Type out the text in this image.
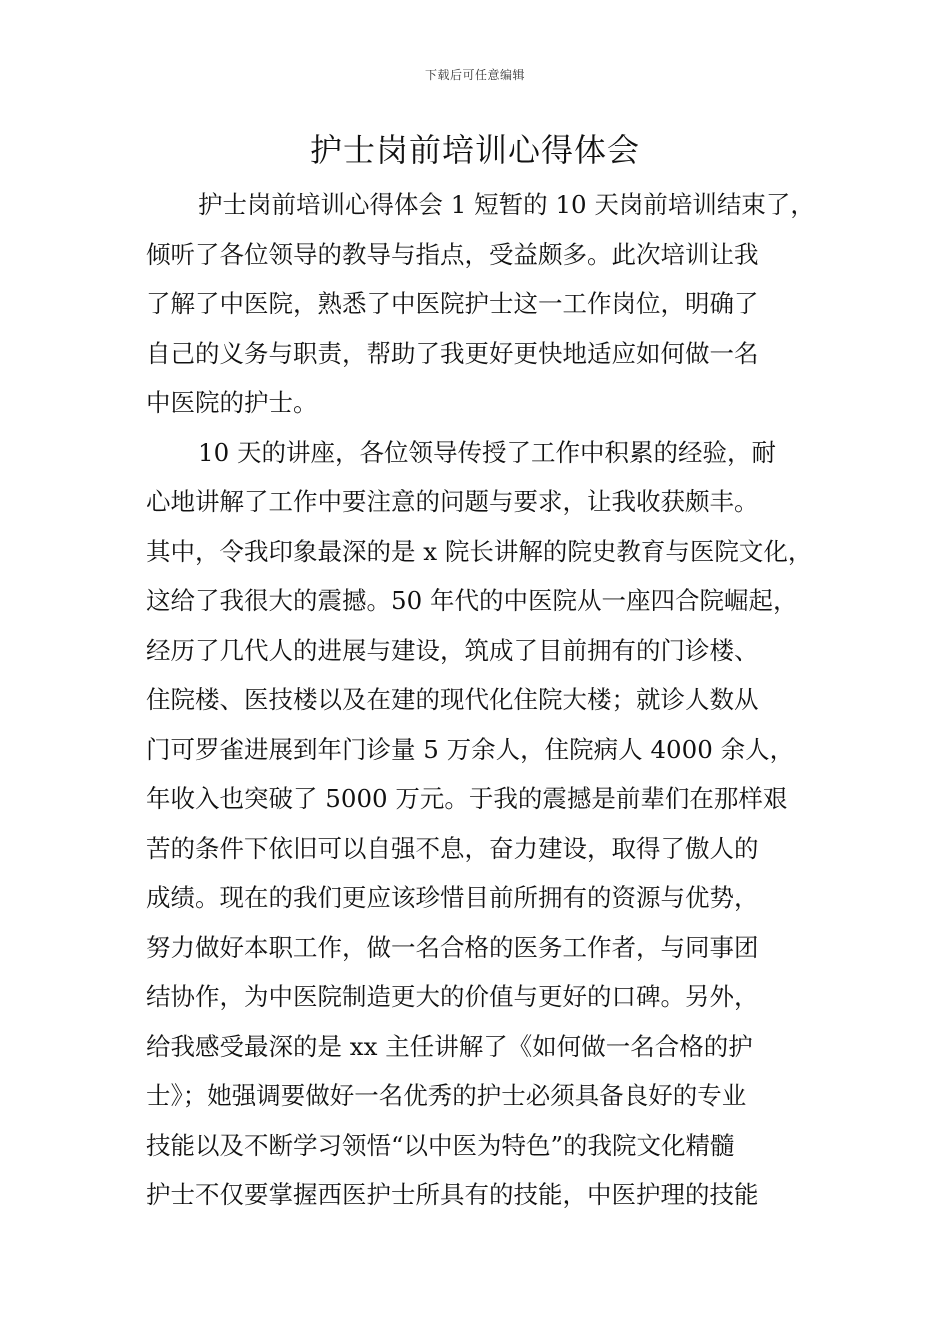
下载后可任意编辑
护士岗前培训心得体会
护士岗前培训心得体会 1 短暂的 10 天岗前培训结束了，
倾听了各位领导的教导与指点，受益颇多。此次培训让我
了解了中医院，熟悉了中医院护士这一工作岗位，明确了
自己的义务与职责，帮助了我更好更快地适应如何做一名
中医院的护士。
10 天的讲座，各位领导传授了工作中积累的经验，耐
心地讲解了工作中要注意的问题与要求，让我收获颇丰。
其中，令我印象最深的是 x 院长讲解的院史教育与医院文化，
这给了我很大的震撼。50 年代的中医院从一座四合院崛起，
经历了几代人的进展与建设，筑成了目前拥有的门诊楼、
住院楼、医技楼以及在建的现代化住院大楼；就诊人数从
门可罗雀进展到年门诊量 5 万余人，住院病人 4000 余人，
年收入也突破了 5000 万元。于我的震撼是前辈们在那样艰
苦的条件下依旧可以自强不息，奋力建设，取得了傲人的
成绩。现在的我们更应该珍惜目前所拥有的资源与优势，
努力做好本职工作，做一名合格的医务工作者，与同事团
结协作，为中医院制造更大的价值与更好的口碑。另外，
给我感受最深的是 xx 主任讲解了《如何做一名合格的护
士》；她强调要做好一名优秀的护士必须具备良好的专业
技能以及不断学习领悟“以中医为特色”的我院文化精髓
护士不仅要掌握西医护士所具有的技能，中医护理的技能
